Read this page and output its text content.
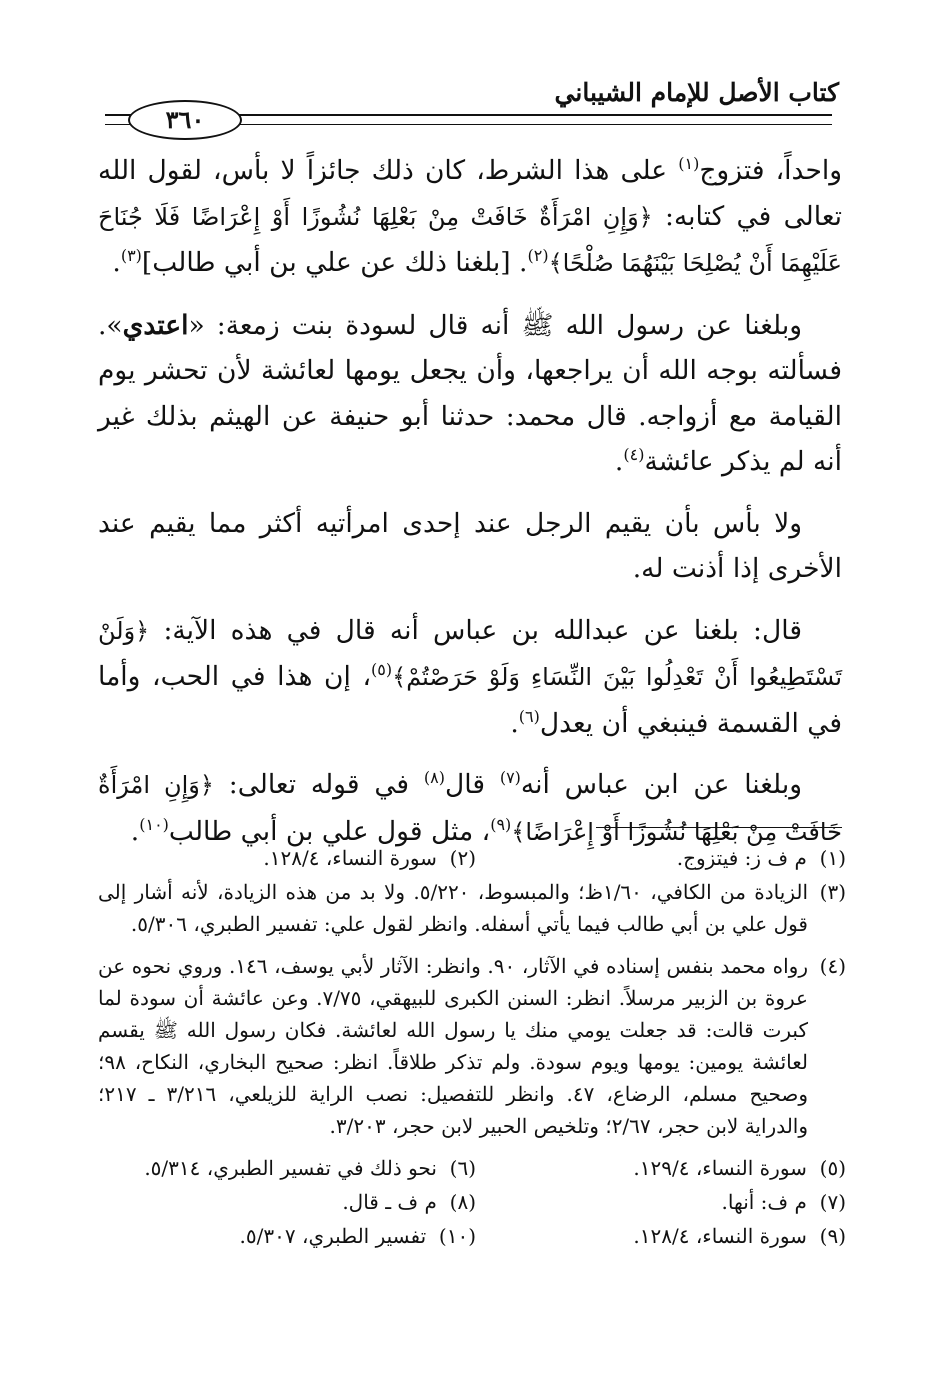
كتاب الأصل للإمام الشيباني
٣٦٠

واحداً، فتزوج$^{(١)}$ على هذا الشرط، كان ذلك جائزاً لا بأس، لقول الله تعالى في كتابه: ﴿وَإِنِ امْرَأَةٌ خَافَتْ مِنْ بَعْلِهَا نُشُوزًا أَوْ إِعْرَاضًا فَلَا جُنَاحَ عَلَيْهِمَا أَنْ يُصْلِحَا بَيْنَهُمَا صُلْحًا﴾$^{(٢)}$. [بلغنا ذلك عن علي بن أبي طالب]$^{(٣)}$.

وبلغنا عن رسول الله ﷺ أنه قال لسودة بنت زمعة: «اعتدي». فسألته بوجه الله أن يراجعها، وأن يجعل يومها لعائشة لأن تحشر يوم القيامة مع أزواجه. قال محمد: حدثنا أبو حنيفة عن الهيثم بذلك غير أنه لم يذكر عائشة$^{(٤)}$.

ولا بأس بأن يقيم الرجل عند إحدى امرأتيه أكثر مما يقيم عند الأخرى إذا أذنت له.

قال: بلغنا عن عبدالله بن عباس أنه قال في هذه الآية: ﴿وَلَنْ تَسْتَطِيعُوا أَنْ تَعْدِلُوا بَيْنَ النِّسَاءِ وَلَوْ حَرَصْتُمْ﴾$^{(٥)}$، إن هذا في الحب، وأما في القسمة فينبغي أن يعدل$^{(٦)}$.

وبلغنا عن ابن عباس أنه$^{(٧)}$ قال$^{(٨)}$ في قوله تعالى: ﴿وَإِنِ امْرَأَةٌ خَافَتْ مِنْ بَعْلِهَا نُشُوزًا أَوْ إِعْرَاضًا﴾$^{(٩)}$، مثل قول علي بن أبي طالب$^{(١٠)}$.

(١)  م ف ز: فيتزوج.
(٢)  سورة النساء، ١٢٨/٤.
(٣)
الزيادة من الكافي، ١/٦٠ظ؛ والمبسوط، ٥/٢٢٠. ولا بد من هذه الزيادة، لأنه أشار إلى قول علي بن أبي طالب فيما يأتي أسفله. وانظر لقول علي: تفسير الطبري، ٥/٣٠٦.
(٤)
رواه محمد بنفس إسناده في الآثار، ٩٠. وانظر: الآثار لأبي يوسف، ١٤٦. وروي نحوه عن عروة بن الزبير مرسلاً. انظر: السنن الكبرى للبيهقي، ٧/٧٥. وعن عائشة أن سودة لما كبرت قالت: قد جعلت يومي منك يا رسول الله لعائشة. فكان رسول الله ﷺ يقسم لعائشة يومين: يومها ويوم سودة. ولم تذكر طلاقاً. انظر: صحيح البخاري، النكاح، ٩٨؛ وصحيح مسلم، الرضاع، ٤٧. وانظر للتفصيل: نصب الراية للزيلعي، ٣/٢١٦ ـ ٢١٧؛ والدراية لابن حجر، ٢/٦٧؛ وتلخيص الحبير لابن حجر، ٣/٢٠٣.
(٥)  سورة النساء، ١٢٩/٤.
(٦)  نحو ذلك في تفسير الطبري، ٥/٣١٤.
(٧)  م ف: أنها.
(٨)  م ف ـ قال.
(٩)  سورة النساء، ١٢٨/٤.
(١٠)  تفسير الطبري، ٥/٣٠٧.
